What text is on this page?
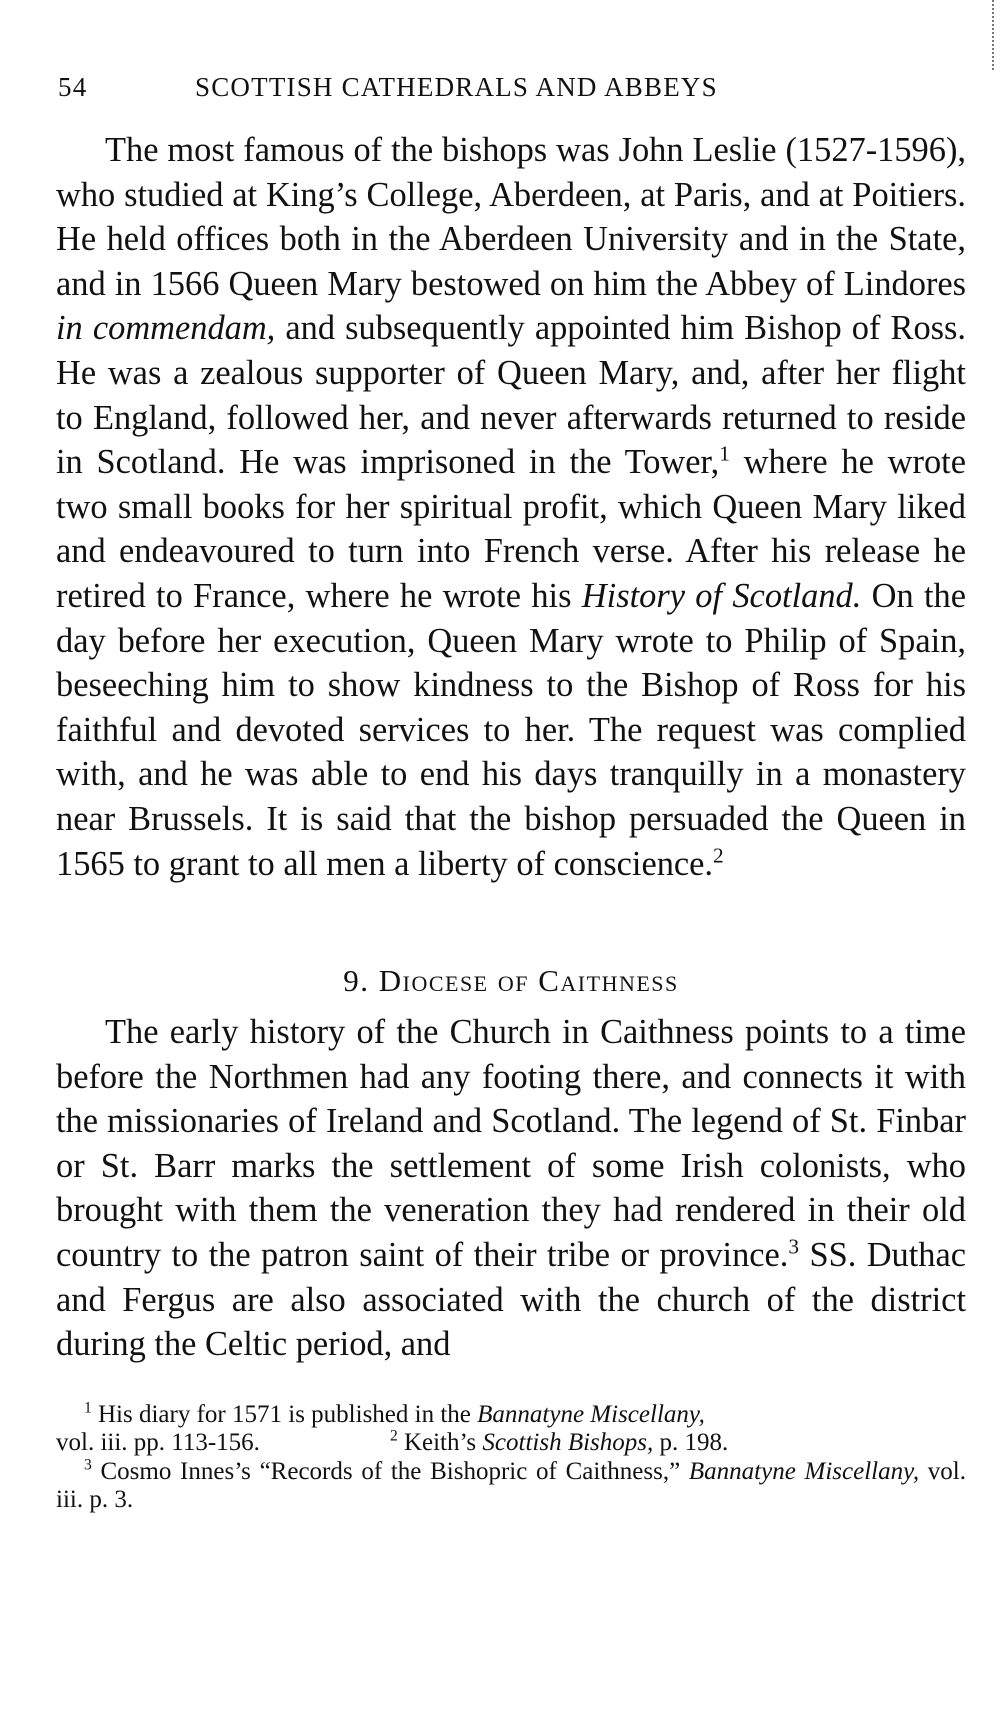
54	SCOTTISH CATHEDRALS AND ABBEYS

The most famous of the bishops was John Leslie (1527-1596), who studied at King’s College, Aberdeen, at Paris, and at Poitiers. He held offices both in the Aberdeen University and in the State, and in 1566 Queen Mary bestowed on him the Abbey of Lindores in commendam, and subsequently appointed him Bishop of Ross. He was a zealous supporter of Queen Mary, and, after her flight to England, followed her, and never afterwards returned to reside in Scotland. He was imprisoned in the Tower,$^1$ where he wrote two small books for her spiritual profit, which Queen Mary liked and endeavoured to turn into French verse. After his release he retired to France, where he wrote his History of Scotland. On the day before her execution, Queen Mary wrote to Philip of Spain, beseeching him to show kindness to the Bishop of Ross for his faithful and devoted services to her. The request was complied with, and he was able to end his days tranquilly in a monastery near Brussels. It is said that the bishop persuaded the Queen in 1565 to grant to all men a liberty of conscience.$^2$

9. Diocese of Caithness

The early history of the Church in Caithness points to a time before the Northmen had any footing there, and connects it with the missionaries of Ireland and Scotland. The legend of St. Finbar or St. Barr marks the settlement of some Irish colonists, who brought with them the veneration they had rendered in their old country to the patron saint of their tribe or province.$^3$ SS. Duthac and Fergus are also associated with the church of the district during the Celtic period, and

$^1$ His diary for 1571 is published in the Bannatyne Miscellany,

vol. iii. pp. 113-156.	$^2$ Keith’s Scottish Bishops, p. 198.

$^3$ Cosmo Innes’s “Records of the Bishopric of Caithness,” Bannatyne Miscellany, vol. iii. p. 3.
